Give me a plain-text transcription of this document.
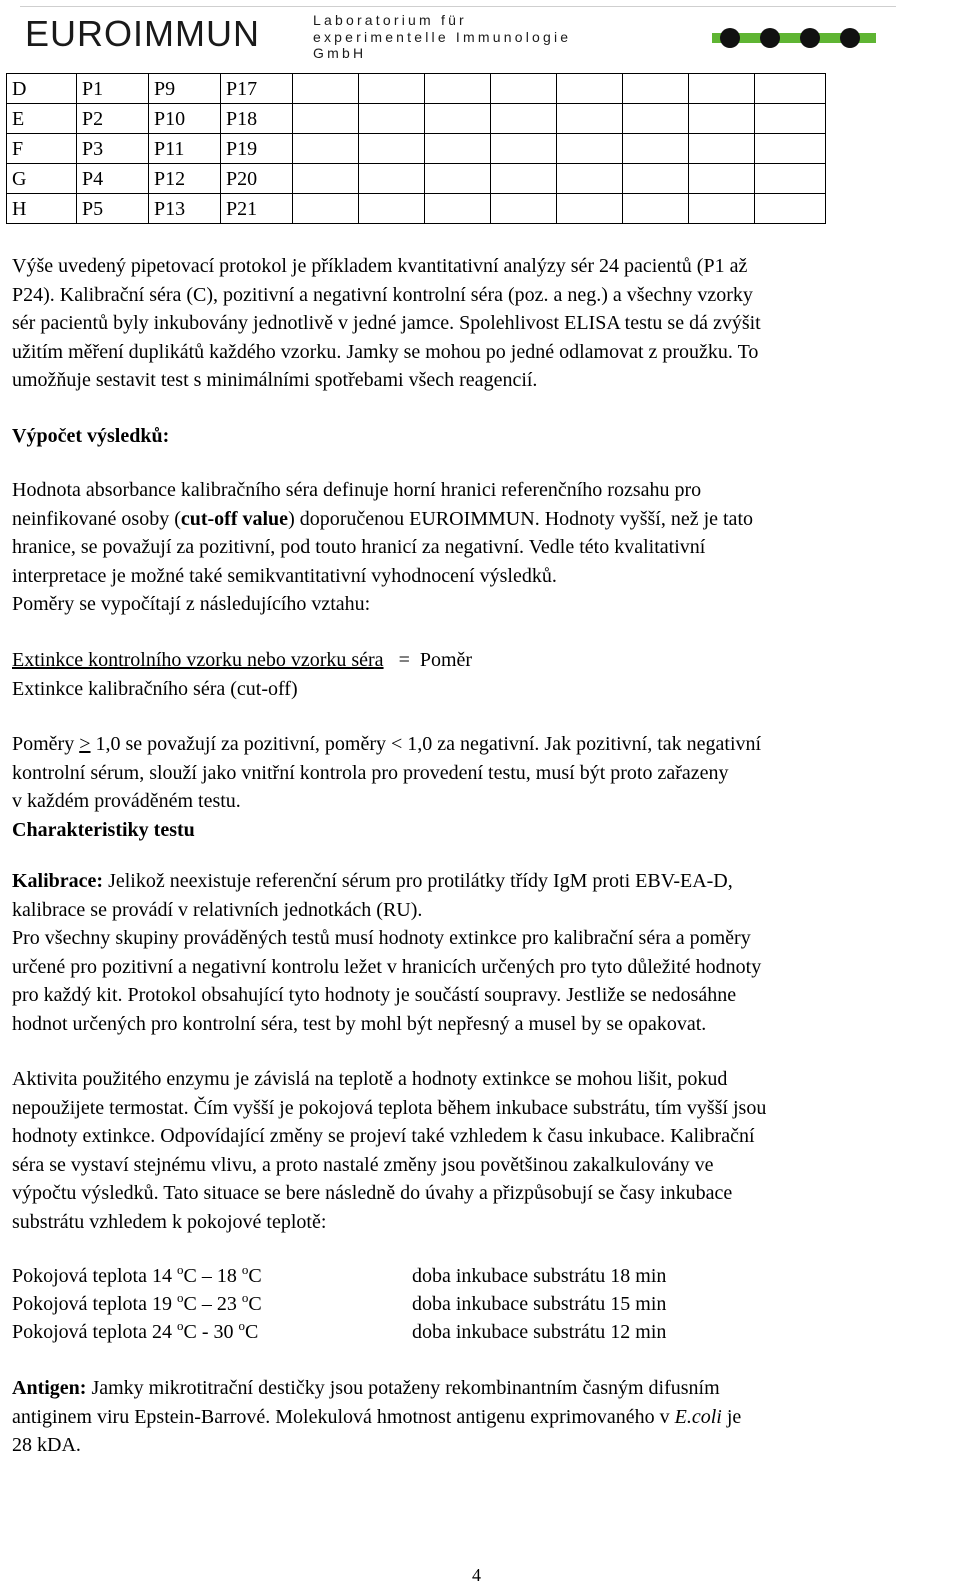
EUROIMMUN	Laboratorium für
experimentelle Immunologie
GmbH
D	P1	P9	P17								
E	P2	P10	P18								
F	P3	P11	P19								
G	P4	P12	P20								
H	P5	P13	P21								

Výše uvedený pipetovací protokol je příkladem kvantitativní analýzy sér 24 pacientů (P1 až

P24). Kalibrační séra (C), pozitivní a negativní kontrolní séra (poz. a neg.) a všechny vzorky

sér pacientů byly inkubovány jednotlivě v jedné jamce. Spolehlivost ELISA testu se dá zvýšit

užitím měření duplikátů každého vzorku. Jamky se mohou po jedné odlamovat z proužku. To

umožňuje sestavit test s minimálními spotřebami všech reagencií.

Výpočet výsledků:

Hodnota absorbance kalibračního séra definuje horní hranici referenčního rozsahu pro

neinfikované osoby (cut-off value) doporučenou EUROIMMUN. Hodnoty vyšší, než je tato

hranice, se považují za pozitivní, pod touto hranicí za negativní. Vedle této kvalitativní

interpretace je možné také semikvantitativní vyhodnocení výsledků.

Poměry se vypočítají z následujícího vztahu:

Extinkce kontrolního vzorku nebo vzorku séra = Poměr

Extinkce kalibračního séra (cut-off)

Poměry ≥ 1,0 se považují za pozitivní, poměry < 1,0 za negativní. Jak pozitivní, tak negativní

kontrolní sérum, slouží jako vnitřní kontrola pro provedení testu, musí být proto zařazeny

v každém prováděném testu.

Charakteristiky testu

Kalibrace: Jelikož neexistuje referenční sérum pro protilátky třídy IgM proti EBV-EA-D,

kalibrace se provádí v relativních jednotkách (RU).

Pro všechny skupiny prováděných testů musí hodnoty extinkce pro kalibrační séra a poměry

určené pro pozitivní a negativní kontrolu ležet v hranicích určených pro tyto důležité hodnoty

pro každý kit. Protokol obsahující tyto hodnoty je součástí soupravy. Jestliže se nedosáhne

hodnot určených pro kontrolní séra, test by mohl být nepřesný a musel by se opakovat.

Aktivita použitého enzymu je závislá na teplotě a hodnoty extinkce se mohou lišit, pokud

nepoužijete termostat. Čím vyšší je pokojová teplota během inkubace substrátu, tím vyšší jsou

hodnoty extinkce. Odpovídající změny se projeví také vzhledem k času inkubace. Kalibrační

séra se vystaví stejnému vlivu, a proto nastalé změny jsou povětšinou zakalkulovány ve

výpočtu výsledků. Tato situace se bere následně do úvahy a přizpůsobují se časy inkubace

substrátu vzhledem k pokojové teplotě:

Pokojová teplota 14 $^o$C – 18 $^o$C	doba inkubace substrátu 18 min
Pokojová teplota 19 $^o$C – 23 $^o$C	doba inkubace substrátu 15 min
Pokojová teplota 24 $^o$C - 30 $^o$C	doba inkubace substrátu 12 min

Antigen: Jamky mikrotitrační destičky jsou potaženy rekombinantním časným difusním

antiginem viru Epstein-Barrové. Molekulová hmotnost antigenu exprimovaného v E.coli je

28 kDA.

4
